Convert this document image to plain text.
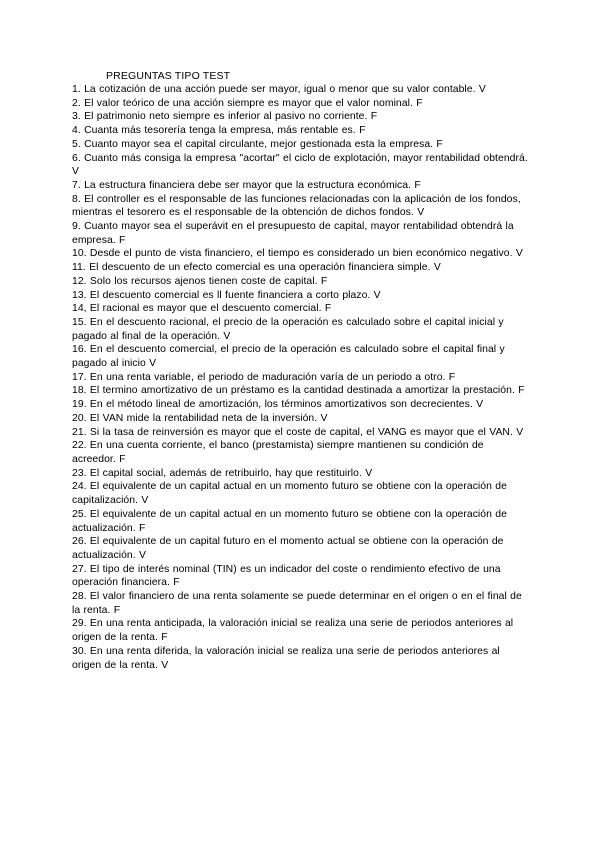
PREGUNTAS TIPO TEST
1. La cotización de una acción puede ser mayor, igual o menor que su valor contable. V
2. El valor teórico de una acción siempre es mayor que el valor nominal. F
3. El patrimonio neto siempre es inferior al pasivo no corriente. F
4. Cuanta más tesorería tenga la empresa, más rentable es. F
5. Cuanto mayor sea el capital circulante, mejor gestionada esta la empresa. F
6. Cuanto más consiga la empresa "acortar" el ciclo de explotación, mayor rentabilidad obtendrá. V
7. La estructura financiera debe ser mayor que la estructura económica. F
8. El controller es el responsable de las funciones relacionadas con la aplicación de los fondos, mientras el tesorero es el responsable de la obtención de dichos fondos. V
9. Cuanto mayor sea el superávit en el presupuesto de capital, mayor rentabilidad obtendrá la empresa. F
10. Desde el punto de vista financiero, el tiempo es considerado un bien económico negativo. V
11. El descuento de un efecto comercial es una operación financiera simple. V
12. Solo los recursos ajenos tienen coste de capital. F
13. El descuento comercial es ll fuente financiera a corto plazo. V
14, El racional es mayor que el descuento comercial. F
15. En el descuento racional, el precio de la operación es calculado sobre el capital inicial y pagado al final de la operación. V
16. En el descuento comercial, el precio de la operación es calculado sobre el capital final y pagado al inicio V
17. En una renta variable, el periodo de maduración varía de un periodo a otro. F
18. El termino amortizativo de un préstamo es la cantidad destinada a amortizar la prestación. F
19. En el método lineal de amortización, los términos amortizativos son decrecientes. V
20. El VAN mide la rentabilidad neta de la inversión. V
21. Si la tasa de reinversión es mayor que el coste de capital, el VANG es mayor que el VAN. V
22. En una cuenta corriente, el banco (prestamista) siempre mantienen su condición de acreedor. F
23. El capital social, además de retribuirlo, hay que restituirlo. V
24. El equivalente de un capital actual en un momento futuro se obtiene con la operación de capitalización. V
25. El equivalente de un capital actual en un momento futuro se obtiene con la operación de actualización. F
26. El equivalente de un capital futuro en el momento actual se obtiene con la operación de actualización. V
27. El tipo de interés nominal (TIN) es un indicador del coste o rendimiento efectivo de una operación financiera. F
28. El valor financiero de una renta solamente se puede determinar en el origen o en el final de la renta. F
29. En una renta anticipada, la valoración inicial se realiza una serie de periodos anteriores al origen de la renta. F
30. En una renta diferida, la valoración inicial se realiza una serie de periodos anteriores al origen de la renta. V
